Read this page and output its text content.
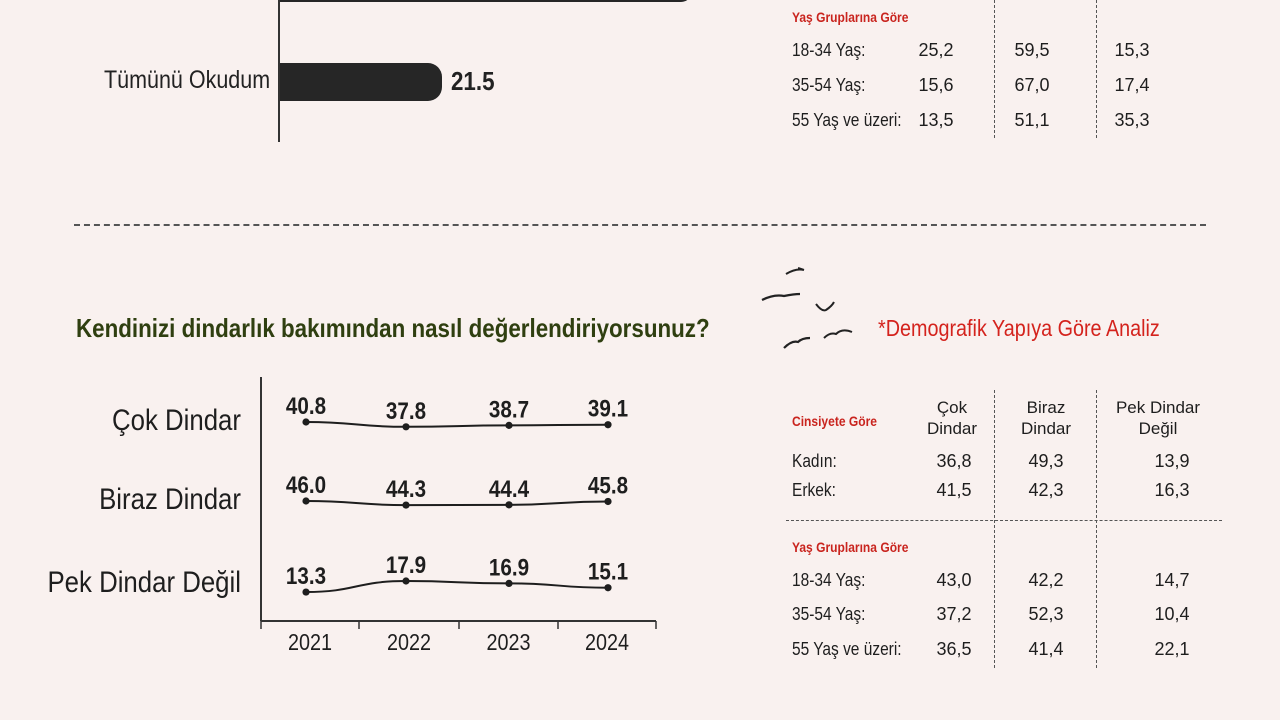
Tümünü Okudum	21.5
Yaş Gruplarına Göre
18-34 Yaş:	25,2	59,5	15,3
35-54 Yaş:	15,6	67,0	17,4
55 Yaş ve üzeri: 13,5	51,1	35,3
Kendinizi dindarlık bakımından nasıl değerlendiriyorsunuz?	*Demografik Yapıya Göre Analiz
2021 2022 2023 2024
Çok Dindar 40.8 37.8	38.7 39.1
Biraz Dindar 46.0 44.3	44.4 45.8
Pek Dindar Değil 13.3 17.9	16.9 15.1
Cinsiyete Göre
Yaş Gruplarına Göre
Çok
Dindar
Biraz
Dindar
Pek Dindar
Değil
Kadın:	36,8	49,3	13,9
Erkek:	41,5	42,3	16,3
18-34 Yaş:	43,0	42,2	14,7
35-54 Yaş:	37,2	52,3	10,4
55 Yaş ve üzeri:	36,5	41,4	22,1
